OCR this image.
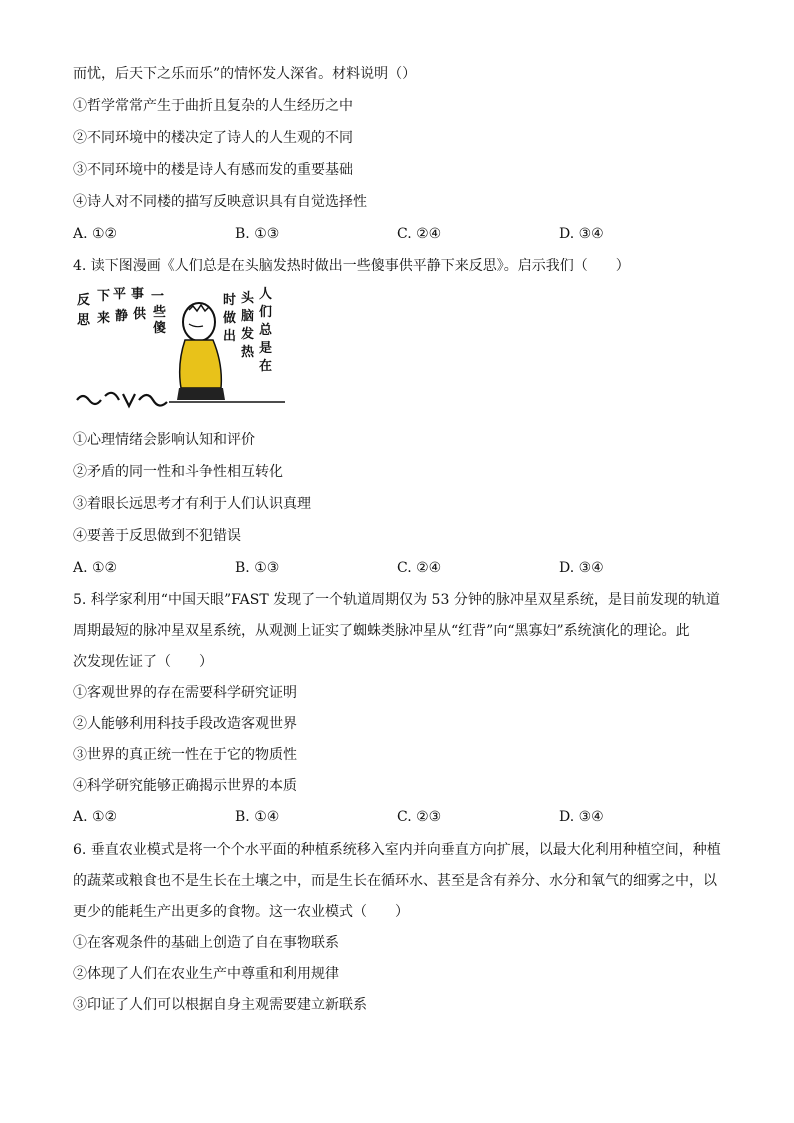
而忧，后天下之乐而乐”的情怀发人深省。材料说明（）
①哲学常常产生于曲折且复杂的人生经历之中
②不同环境中的楼决定了诗人的人生观的不同
③不同环境中的楼是诗人有感而发的重要基础
④诗人对不同楼的描写反映意识具有自觉选择性
A. ①②	B. ①③	C. ②④	D. ③④
4. 读下图漫画《人们总是在头脑发热时做出一些傻事供平静下来反思》。启示我们（　　）
反
思
下
来
平
静
事
供
一
些
傻
时
做
出
头
脑
发
热
人
们
总
是
在
①心理情绪会影响认知和评价
②矛盾的同一性和斗争性相互转化
③着眼长远思考才有利于人们认识真理
④要善于反思做到不犯错误
A. ①②	B. ①③	C. ②④	D. ③④
5. 科学家利用“中国天眼”FAST 发现了一个轨道周期仅为 53 分钟的脉冲星双星系统，是目前发现的轨道
周期最短的脉冲星双星系统，从观测上证实了蜘蛛类脉冲星从“红背”向“黑寡妇”系统演化的理论。此
次发现佐证了（　　）
①客观世界的存在需要科学研究证明
②人能够利用科技手段改造客观世界
③世界的真正统一性在于它的物质性
④科学研究能够正确揭示世界的本质
A. ①②	B. ①④	C. ②③	D. ③④
6. 垂直农业模式是将一个个水平面的种植系统移入室内并向垂直方向扩展，以最大化利用种植空间，种植
的蔬菜或粮食也不是生长在土壤之中，而是生长在循环水、甚至是含有养分、水分和氧气的细雾之中，以
更少的能耗生产出更多的食物。这一农业模式（　　）
①在客观条件的基础上创造了自在事物联系
②体现了人们在农业生产中尊重和利用规律
③印证了人们可以根据自身主观需要建立新联系
